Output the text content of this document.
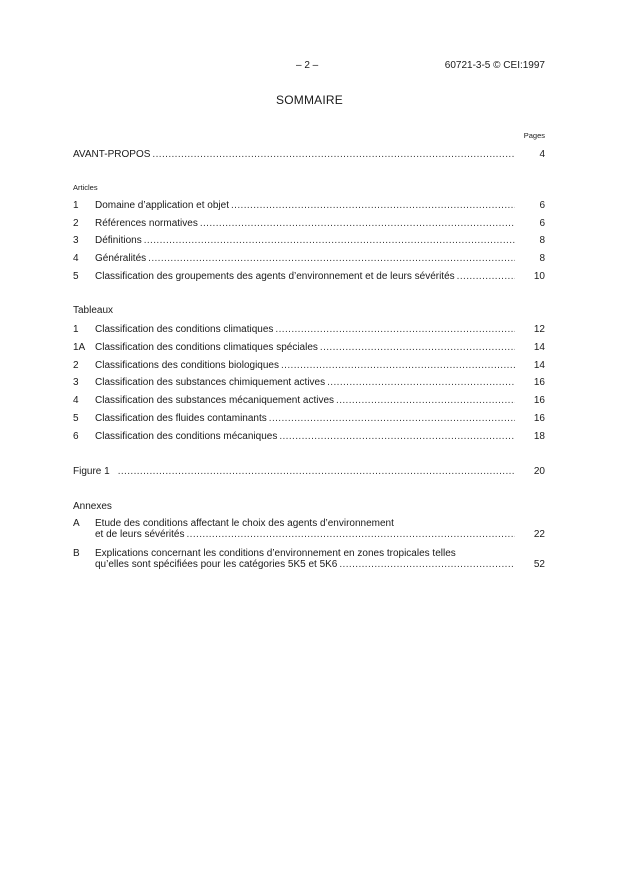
– 2 –	60721-3-5 © CEI:1997
SOMMAIRE
Pages
AVANT-PROPOS .....	4
Articles
1 Domaine d’application et objet .....	6
2 Références normatives .....	6
3 Définitions .....	8
4 Généralités .....	8
5 Classification des groupements des agents d’environnement et de leurs sévérités .....	10
Tableaux
1 Classification des conditions climatiques .....	12
1A Classification des conditions climatiques spéciales .....	14
2 Classifications des conditions biologiques .....	14
3 Classification des substances chimiquement actives .....	16
4 Classification des substances mécaniquement actives .....	16
5 Classification des fluides contaminants .....	16
6 Classification des conditions mécaniques .....	18
Figure 1 .....	20
Annexes
A Etude des conditions affectant le choix des agents d’environnement
et de leurs sévérités .....	22
B Explications concernant les conditions d’environnement en zones tropicales telles
qu’elles sont spécifiées pour les catégories 5K5 et 5K6 .....	52
